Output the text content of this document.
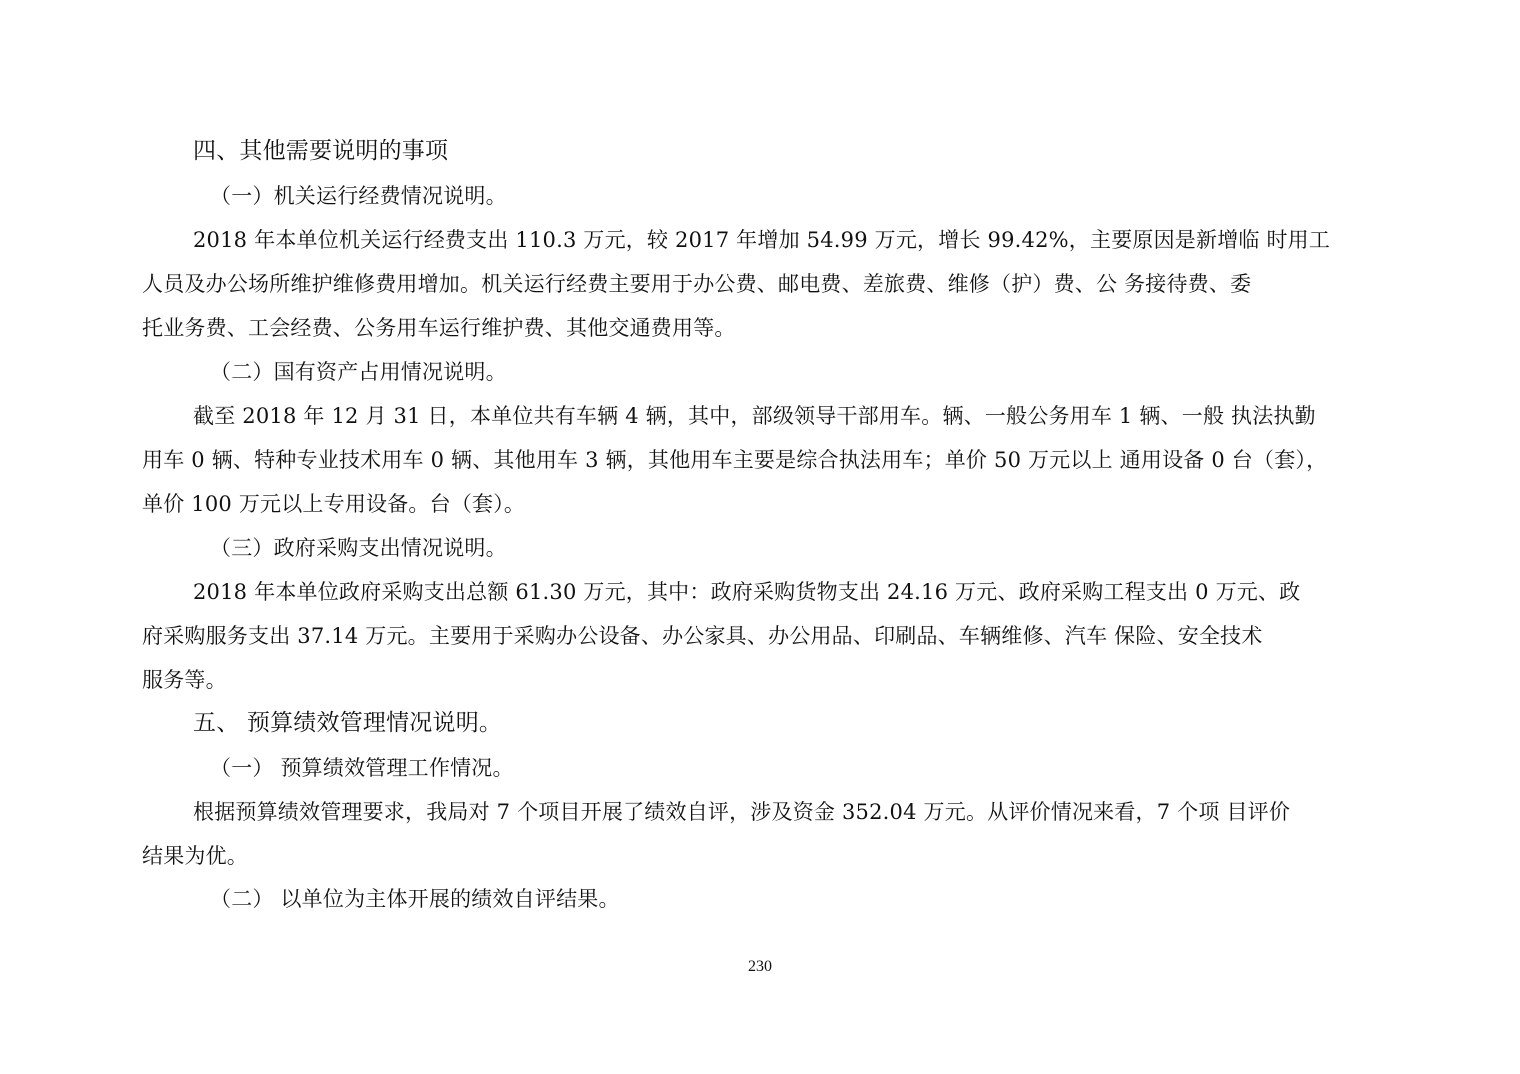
四、其他需要说明的事项
（一）机关运行经费情况说明。
2018 年本单位机关运行经费支出 110.3 万元，较 2017 年增加 54.99 万元，增长 99.42%，主要原因是新增临 时用工
人员及办公场所维护维修费用增加。机关运行经费主要用于办公费、邮电费、差旅费、维修（护）费、公 务接待费、委
托业务费、工会经费、公务用车运行维护费、其他交通费用等。
（二）国有资产占用情况说明。
截至 2018 年 12 月 31 日，本单位共有车辆 4 辆，其中，部级领导干部用车。辆、一般公务用车 1 辆、一般 执法执勤
用车 0 辆、特种专业技术用车 0 辆、其他用车 3 辆，其他用车主要是综合执法用车；单价 50 万元以上 通用设备 0 台（套），
单价 100 万元以上专用设备。台（套）。
（三）政府采购支出情况说明。
2018 年本单位政府采购支出总额 61.30 万元，其中：政府采购货物支出 24.16 万元、政府采购工程支出 0 万元、政
府采购服务支出 37.14 万元。主要用于采购办公设备、办公家具、办公用品、印刷品、车辆维修、汽车 保险、安全技术
服务等。
五、 预算绩效管理情况说明。
（一） 预算绩效管理工作情况。
根据预算绩效管理要求，我局对 7 个项目开展了绩效自评，涉及资金 352.04 万元。从评价情况来看，7 个项 目评价
结果为优。
（二） 以单位为主体开展的绩效自评结果。
230
